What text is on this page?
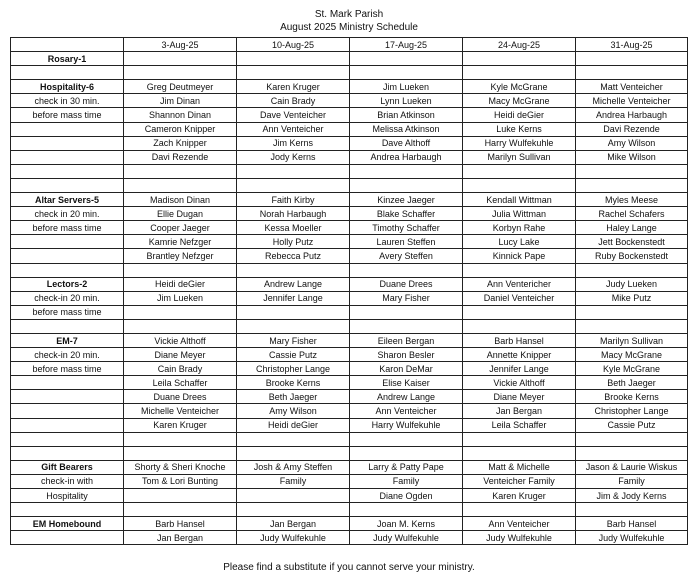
St. Mark Parish
August 2025 Ministry Schedule
	3-Aug-25	10-Aug-25	17-Aug-25	24-Aug-25	31-Aug-25
Rosary-1					

Hospitality-6	Greg Deutmeyer	Karen Kruger	Jim Lueken	Kyle McGrane	Matt Venteicher
check in 30 min.	Jim Dinan	Cain Brady	Lynn Lueken	Macy McGrane	Michelle Venteicher
before mass time	Shannon Dinan	Dave Venteicher	Brian Atkinson	Heidi deGier	Andrea Harbaugh
	Cameron Knipper	Ann Venteicher	Melissa Atkinson	Luke Kerns	Davi Rezende
	Zach Knipper	Jim Kerns	Dave Althoff	Harry Wulfekuhle	Amy Wilson
	Davi Rezende	Jody Kerns	Andrea Harbaugh	Marilyn Sullivan	Mike Wilson

Altar Servers-5	Madison Dinan	Faith Kirby	Kinzee Jaeger	Kendall Wittman	Myles Meese
check in 20 min.	Ellie Dugan	Norah Harbaugh	Blake Schaffer	Julia Wittman	Rachel Schafers
before mass time	Cooper Jaeger	Kessa Moeller	Timothy Schaffer	Korbyn Rahe	Haley Lange
	Kamrie Nefzger	Holly Putz	Lauren Steffen	Lucy Lake	Jett Bockenstedt
	Brantley Nefzger	Rebecca Putz	Avery Steffen	Kinnick Pape	Ruby Bockenstedt

Lectors-2	Heidi deGier	Andrew Lange	Duane Drees	Ann Ventericher	Judy Lueken
check-in 20 min.	Jim Lueken	Jennifer Lange	Mary Fisher	Daniel Venteicher	Mike Putz
before mass time					

EM-7	Vickie Althoff	Mary Fisher	Eileen Bergan	Barb Hansel	Marilyn Sullivan
check-in 20 min.	Diane Meyer	Cassie Putz	Sharon Besler	Annette Knipper	Macy McGrane
before mass time	Cain Brady	Christopher Lange	Karon DeMar	Jennifer Lange	Kyle McGrane
	Leila Schaffer	Brooke Kerns	Elise Kaiser	Vickie Althoff	Beth Jaeger
	Duane Drees	Beth Jaeger	Andrew Lange	Diane Meyer	Brooke Kerns
	Michelle Venteicher	Amy Wilson	Ann Venteicher	Jan Bergan	Christopher Lange
	Karen Kruger	Heidi deGier	Harry Wulfekuhle	Leila Schaffer	Cassie Putz

Gift Bearers	Shorty & Sheri Knoche	Josh & Amy Steffen	Larry & Patty Pape	Matt & Michelle	Jason & Laurie Wiskus
check-in with	Tom & Lori Bunting	Family	Family	Venteicher Family	Family
Hospitality			Diane Ogden	Karen Kruger	Jim & Jody Kerns

EM Homebound	Barb Hansel	Jan Bergan	Joan M. Kerns	Ann Venteicher	Barb Hansel
	Jan Bergan	Judy Wulfekuhle	Judy Wulfekuhle	Judy Wulfekuhle	Judy Wulfekuhle
Please find a substitute if you cannot serve your ministry.
